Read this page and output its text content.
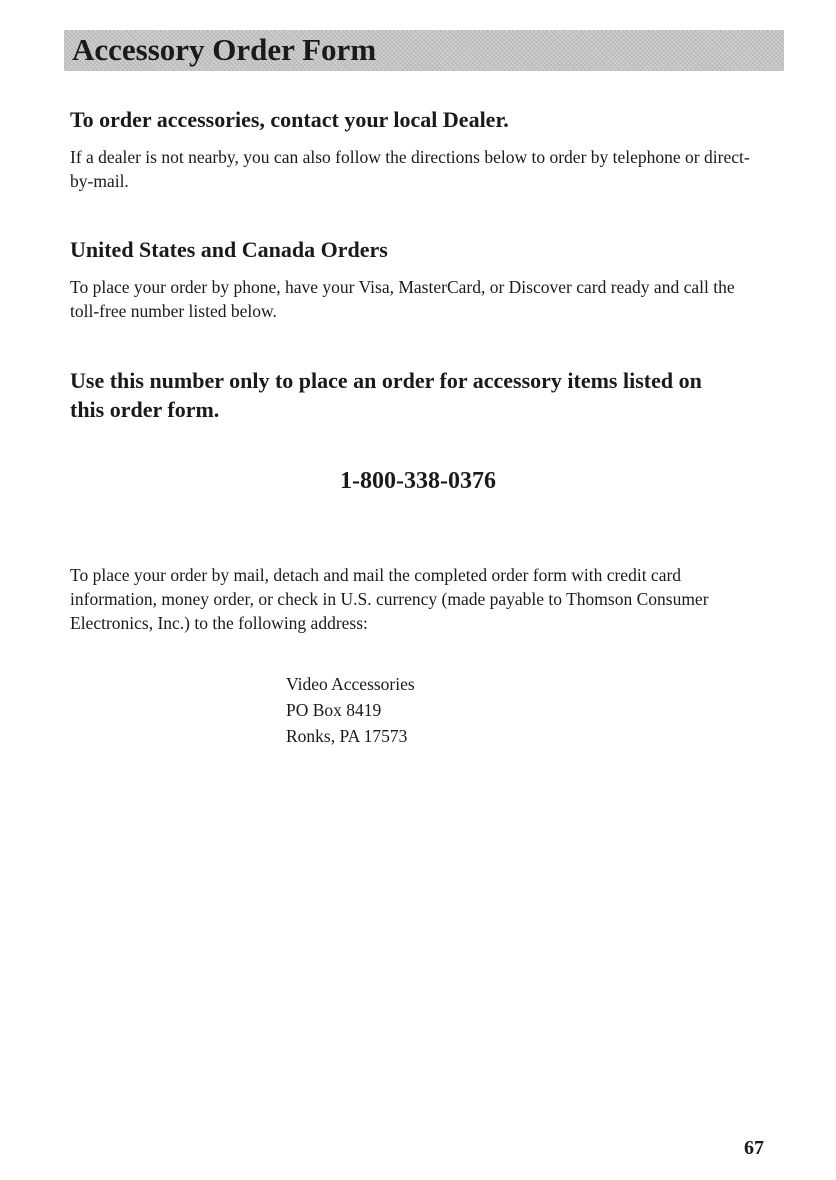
Accessory Order Form
To order accessories, contact your local Dealer.

If a dealer is not nearby, you can also follow the directions below to order by telephone or direct-by-mail.

United States and Canada Orders

To place your order by phone, have your Visa, MasterCard, or Discover card ready and call the toll-free number listed below.

Use this number only to place an order for accessory items listed on this order form.
1-800-338-0376

To place your order by mail, detach and mail the completed order form with credit card information, money order, or check in U.S. currency (made payable to Thomson Consumer Electronics, Inc.) to the following address:

Video Accessories
PO Box 8419
Ronks, PA 17573
67
